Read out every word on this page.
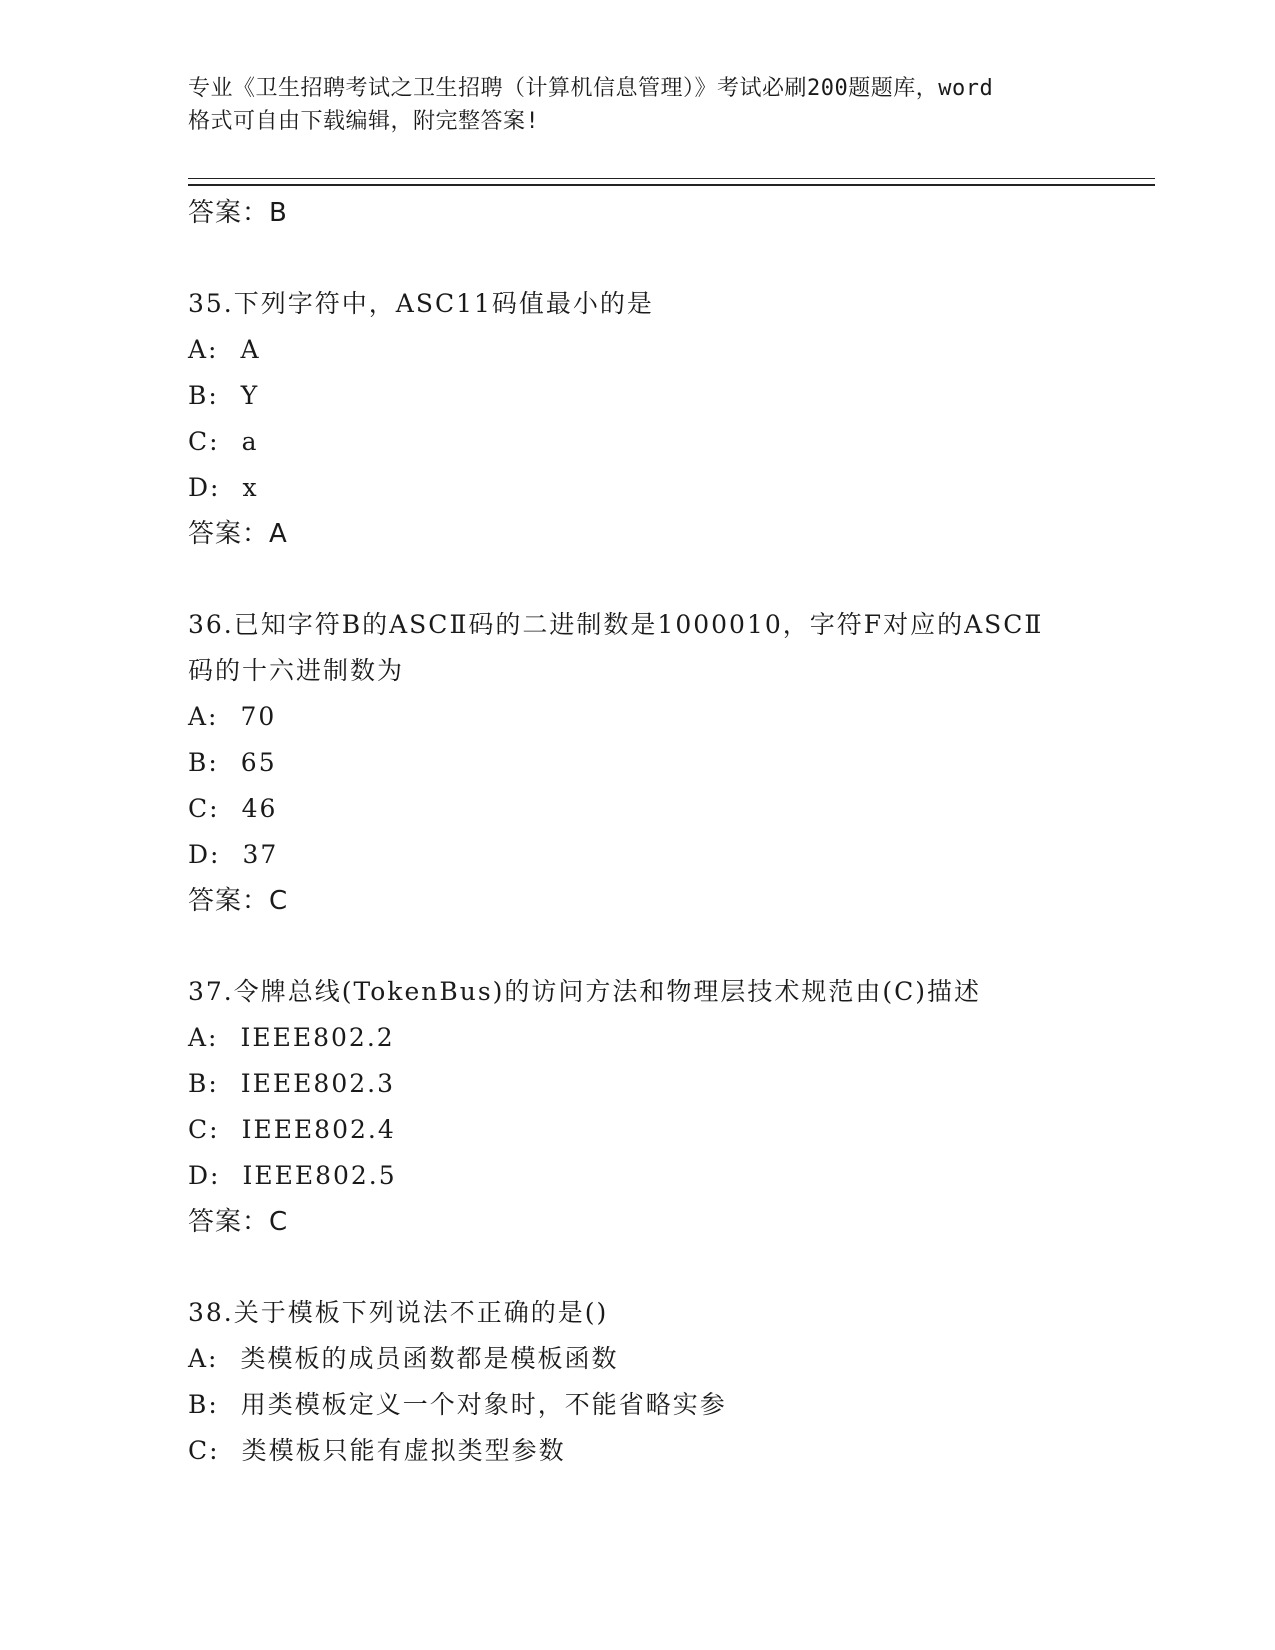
专业《卫生招聘考试之卫生招聘（计算机信息管理）》考试必刷200题题库，word
格式可自由下载编辑，附完整答案!
答案：B
35.下列字符中，ASC11码值最小的是
A: A
B: Y
C: a
D: x
答案：A
36.已知字符B的ASCⅡ码的二进制数是1000010，字符F对应的ASCⅡ
码的十六进制数为
A: 70
B: 65
C: 46
D: 37
答案：C
37.令牌总线(TokenBus)的访问方法和物理层技术规范由(C)描述
A: IEEE802.2
B: IEEE802.3
C: IEEE802.4
D: IEEE802.5
答案：C
38.关于模板下列说法不正确的是()
A: 类模板的成员函数都是模板函数
B: 用类模板定义一个对象时，不能省略实参
C: 类模板只能有虚拟类型参数
